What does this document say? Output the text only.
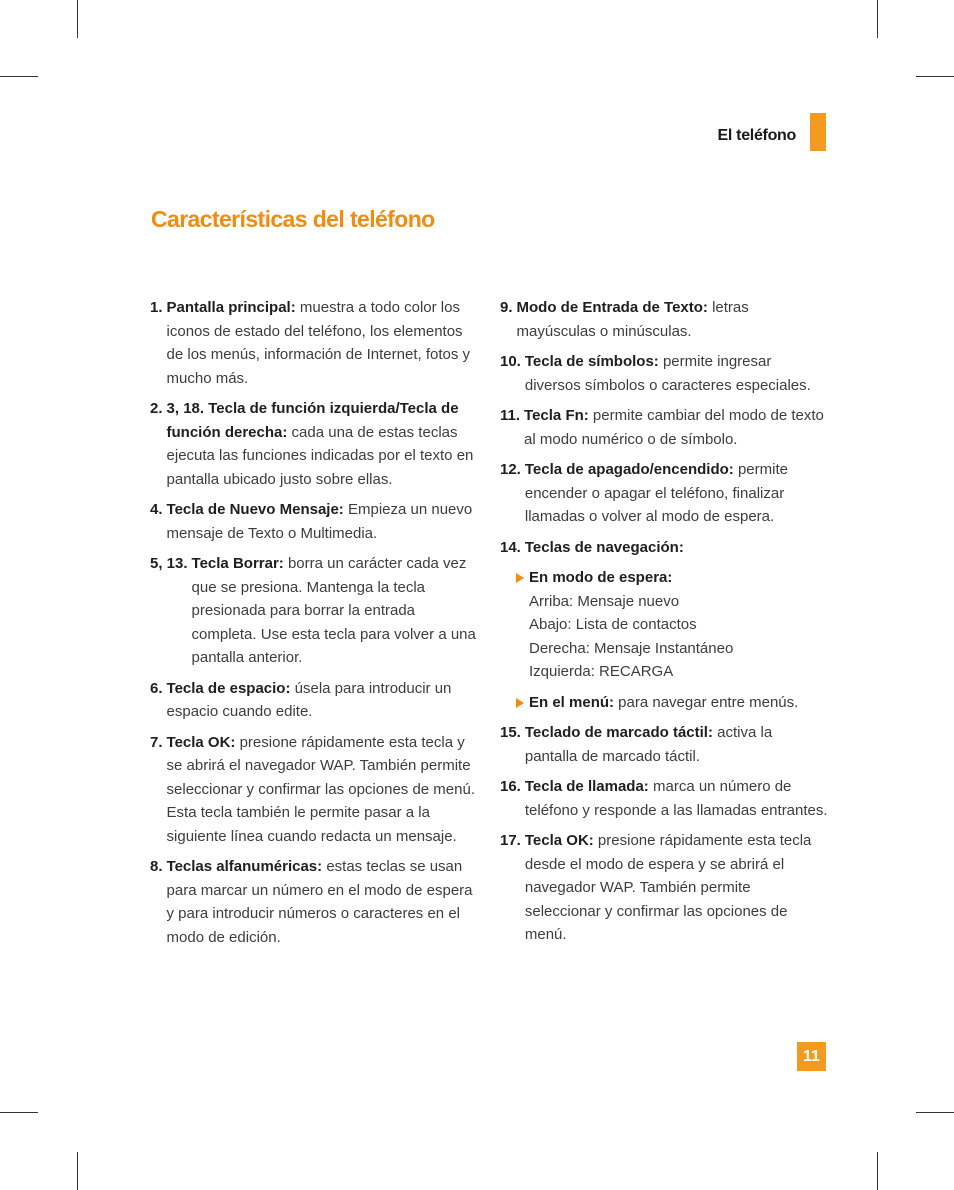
El teléfono
Características del teléfono
1. Pantalla principal: muestra a todo color los iconos de estado del teléfono, los elementos de los menús, información de Internet, fotos y mucho más.
2. 3, 18. Tecla de función izquierda/Tecla de función derecha: cada una de estas teclas ejecuta las funciones indicadas por el texto en pantalla ubicado justo sobre ellas.
4. Tecla de Nuevo Mensaje: Empieza un nuevo mensaje de Texto o Multimedia.
5, 13. Tecla Borrar: borra un carácter cada vez que se presiona. Mantenga la tecla presionada para borrar la entrada completa. Use esta tecla para volver a una pantalla anterior.
6. Tecla de espacio: úsela para introducir un espacio cuando edite.
7. Tecla OK: presione rápidamente esta tecla y se abrirá el navegador WAP. También permite seleccionar y confirmar las opciones de menú. Esta tecla también le permite pasar a la siguiente línea cuando redacta un mensaje.
8. Teclas alfanuméricas: estas teclas se usan para marcar un número en el modo de espera y para introducir números o caracteres en el modo de edición.
9. Modo de Entrada de Texto: letras mayúsculas o minúsculas.
10. Tecla de símbolos: permite ingresar diversos símbolos o caracteres especiales.
11. Tecla Fn: permite cambiar del modo de texto al modo numérico o de símbolo.
12. Tecla de apagado/encendido: permite encender o apagar el teléfono, finalizar llamadas o volver al modo de espera.
14. Teclas de navegación:
En modo de espera:
Arriba: Mensaje nuevo
Abajo: Lista de contactos
Derecha: Mensaje Instantáneo
Izquierda: RECARGA
En el menú: para navegar entre menús.
15. Teclado de marcado táctil: activa la pantalla de marcado táctil.
16. Tecla de llamada: marca un número de teléfono y responde a las llamadas entrantes.
17. Tecla OK: presione rápidamente esta tecla desde el modo de espera y se abrirá el navegador WAP. También permite seleccionar y confirmar las opciones de menú.
11
